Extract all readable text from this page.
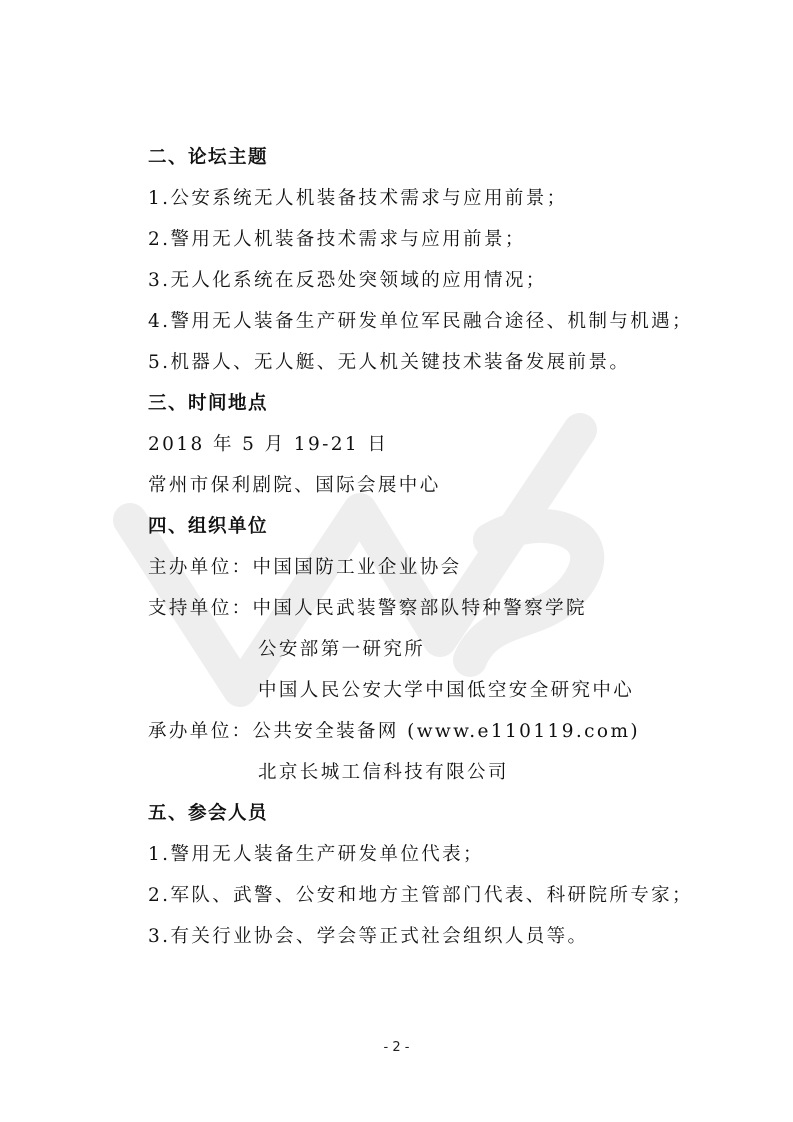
二、论坛主题
1.公安系统无人机装备技术需求与应用前景；
2.警用无人机装备技术需求与应用前景；
3.无人化系统在反恐处突领域的应用情况；
4.警用无人装备生产研发单位军民融合途径、机制与机遇；
5.机器人、无人艇、无人机关键技术装备发展前景。
三、时间地点
2018 年 5 月 19-21 日
常州市保利剧院、国际会展中心
四、组织单位
主办单位：中国国防工业企业协会
支持单位：中国人民武装警察部队特种警察学院
公安部第一研究所
中国人民公安大学中国低空安全研究中心
承办单位：公共安全装备网 (www.e110119.com)
北京长城工信科技有限公司
五、参会人员
1.警用无人装备生产研发单位代表；
2.军队、武警、公安和地方主管部门代表、科研院所专家；
3.有关行业协会、学会等正式社会组织人员等。
- 2 -
